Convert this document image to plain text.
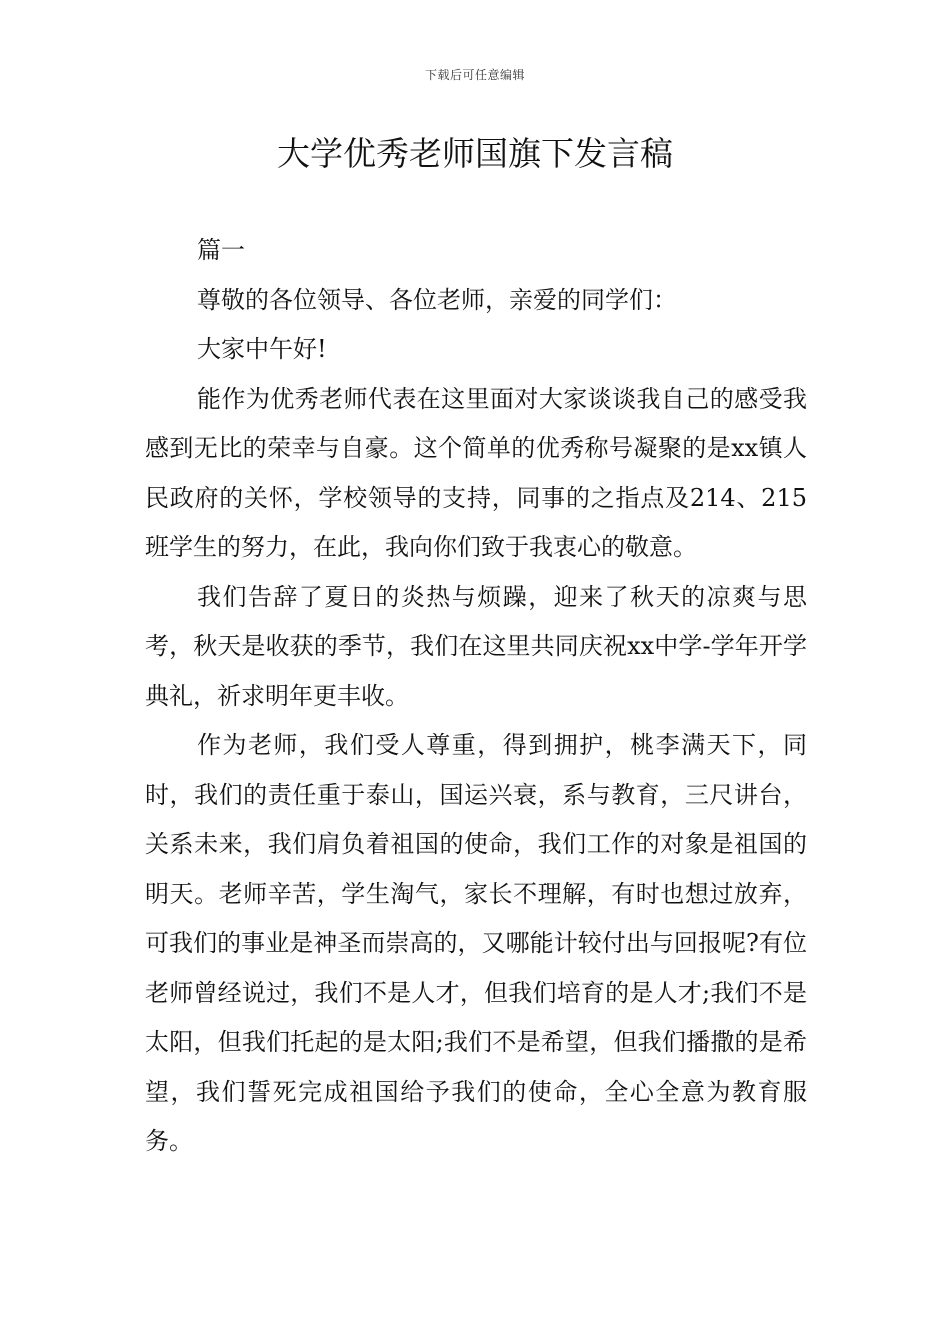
下载后可任意编辑
大学优秀老师国旗下发言稿

篇一

尊敬的各位领导、各位老师，亲爱的同学们：

大家中午好!

能作为优秀老师代表在这里面对大家谈谈我自己的感受我感到无比的荣幸与自豪。这个简单的优秀称号凝聚的是xx镇人民政府的关怀，学校领导的支持，同事的之指点及214、215班学生的努力，在此，我向你们致于我衷心的敬意。

我们告辞了夏日的炎热与烦躁，迎来了秋天的凉爽与思考，秋天是收获的季节，我们在这里共同庆祝xx中学-学年开学典礼，祈求明年更丰收。

作为老师，我们受人尊重，得到拥护，桃李满天下，同时，我们的责任重于泰山，国运兴衰，系与教育，三尺讲台，关系未来，我们肩负着祖国的使命，我们工作的对象是祖国的明天。老师辛苦，学生淘气，家长不理解，有时也想过放弃，可我们的事业是神圣而崇高的，又哪能计较付出与回报呢?有位老师曾经说过，我们不是人才，但我们培育的是人才;我们不是太阳，但我们托起的是太阳;我们不是希望，但我们播撒的是希望，我们誓死完成祖国给予我们的使命，全心全意为教育服务。
